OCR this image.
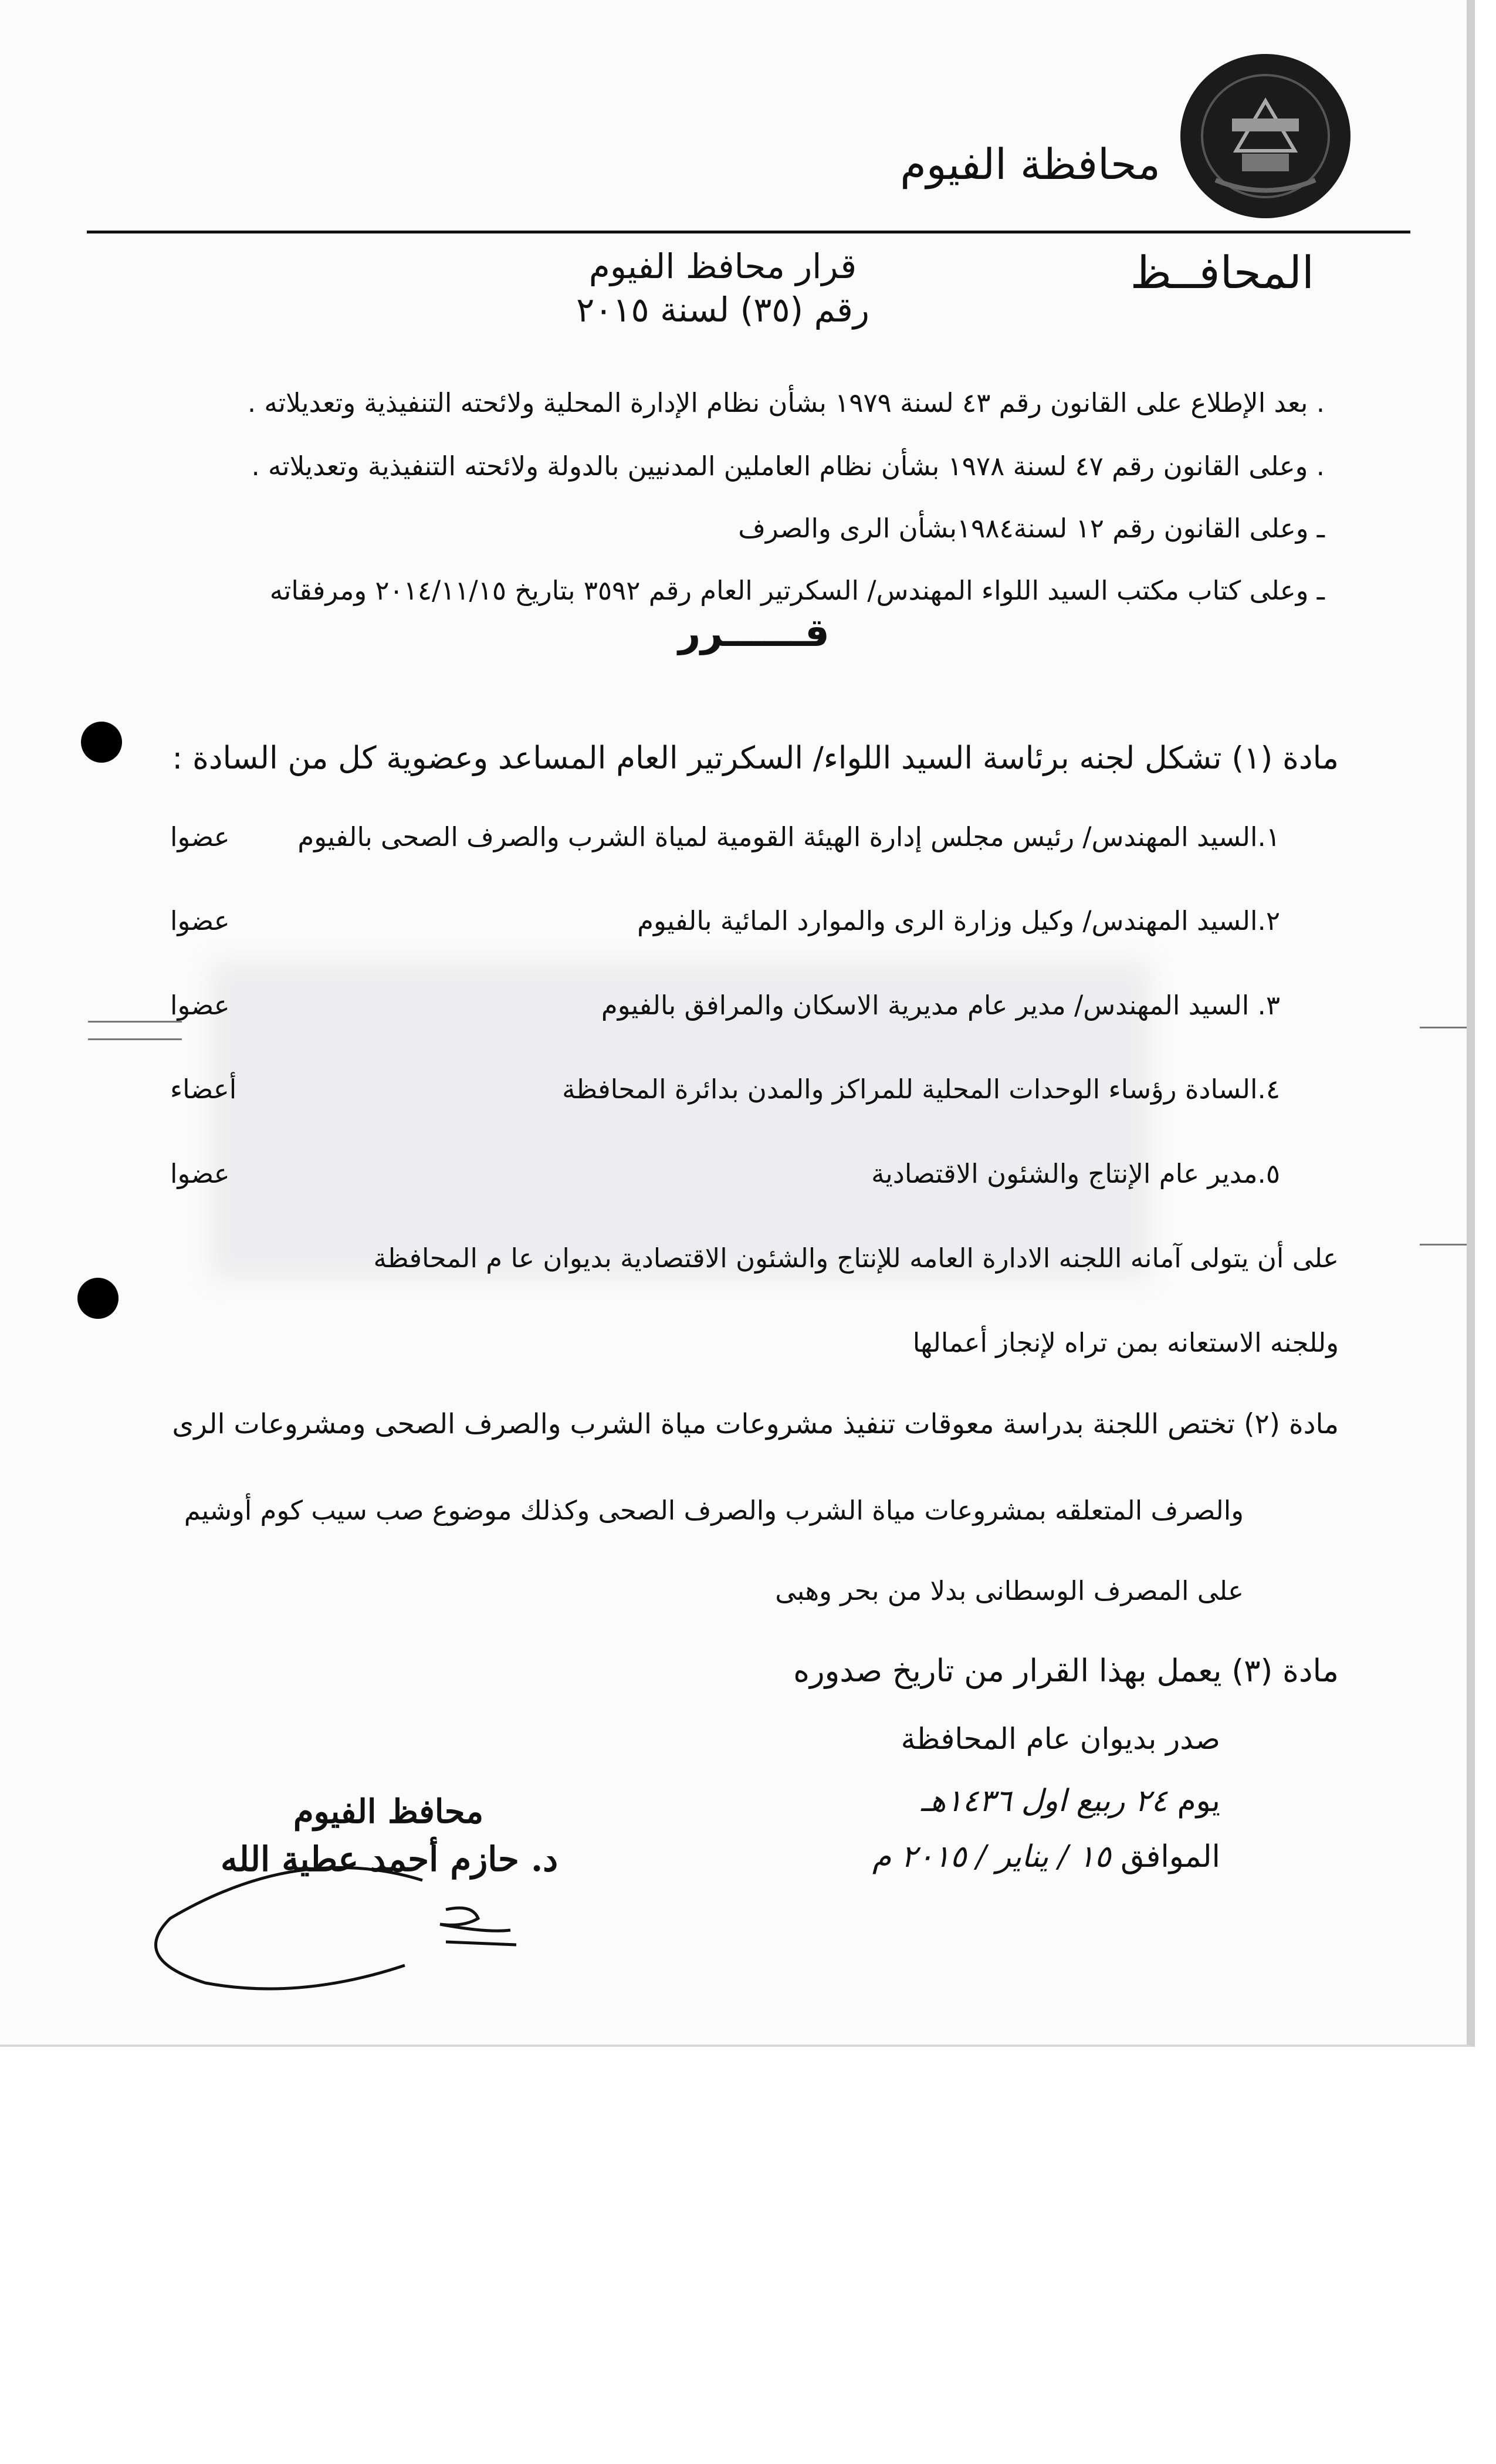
محافظة الفيوم
المحافــظ
قرار محافظ الفيوم
رقم (٣٥) لسنة ٢٠١٥
. بعد الإطلاع على القانون رقم ٤٣ لسنة ١٩٧٩ بشأن نظام الإدارة المحلية ولائحته التنفيذية وتعديلاته .
. وعلى القانون رقم ٤٧ لسنة ١٩٧٨ بشأن نظام العاملين المدنيين بالدولة ولائحته التنفيذية وتعديلاته .
ـ وعلى القانون رقم ١٢ لسنة١٩٨٤بشأن الرى والصرف
ـ وعلى كتاب مكتب السيد اللواء المهندس/ السكرتير العام رقم ٣٥٩٢ بتاريخ ٢٠١٤/١١/١٥ ومرفقاته
قــــــرر
مادة (١) تشكل لجنه برئاسة السيد اللواء/ السكرتير العام المساعد وعضوية كل من السادة :
١.السيد المهندس/ رئيس مجلس إدارة الهيئة القومية لمياة الشرب والصرف الصحى بالفيوم
عضوا
٢.السيد المهندس/ وكيل وزارة الرى والموارد المائية بالفيوم
عضوا
٣. السيد المهندس/ مدير عام مديرية الاسكان والمرافق بالفيوم
عضوا
٤.السادة رؤساء الوحدات المحلية للمراكز والمدن بدائرة المحافظة
أعضاء
٥.مدير عام الإنتاج والشئون الاقتصادية
عضوا
على أن يتولى آمانه اللجنه الادارة العامه للإنتاج والشئون الاقتصادية بديوان عا م المحافظة
وللجنه الاستعانه بمن تراه لإنجاز أعمالها
مادة (٢) تختص اللجنة بدراسة معوقات تنفيذ مشروعات مياة الشرب والصرف الصحى ومشروعات الرى
والصرف المتعلقه بمشروعات مياة الشرب والصرف الصحى وكذلك موضوع صب سيب كوم أوشيم
على المصرف الوسطانى بدلا من بحر وهبى
مادة (٣) يعمل بهذا القرار من تاريخ صدوره
صدر بديوان عام المحافظة
يوم ٢٤ ربيع اول ١٤٣٦هـ
الموافق ١٥ / يناير / ٢٠١٥ م
محافظ الفيوم
د. حازم أحمد عطية الله
